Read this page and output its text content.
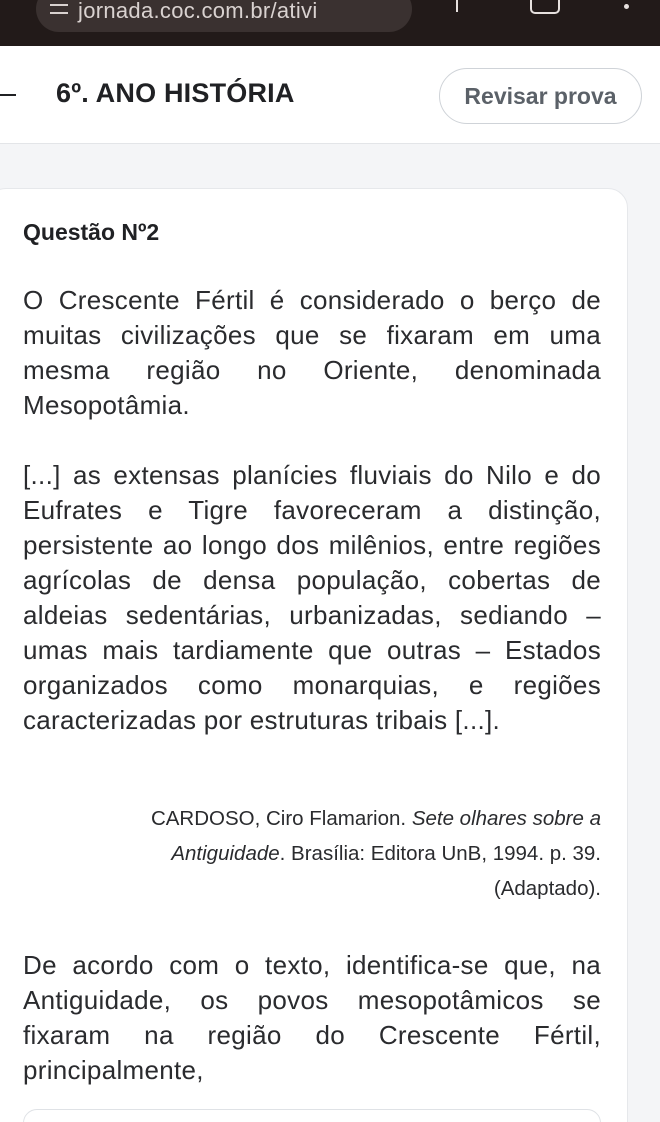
jornada.coc.com.br/ativi
6º. ANO HISTÓRIA	Revisar prova
Questão Nº2

O Crescente Fértil é considerado o berço de muitas civilizações que se fixaram em uma mesma região no Oriente, denominada Mesopotâmia.

[...] as extensas planícies fluviais do Nilo e do Eufrates e Tigre favoreceram a distinção, persistente ao longo dos milênios, entre regiões agrícolas de densa população, cobertas de aldeias sedentárias, urbanizadas, sediando – umas mais tardiamente que outras – Estados organizados como monarquias, e regiões caracterizadas por estruturas tribais [...].

CARDOSO, Ciro Flamarion. Sete olhares sobre a Antiguidade. Brasília: Editora UnB, 1994. p. 39.
(Adaptado).

De acordo com o texto, identifica-se que, na Antiguidade, os povos mesopotâmicos se fixaram na região do Crescente Fértil, principalmente,
